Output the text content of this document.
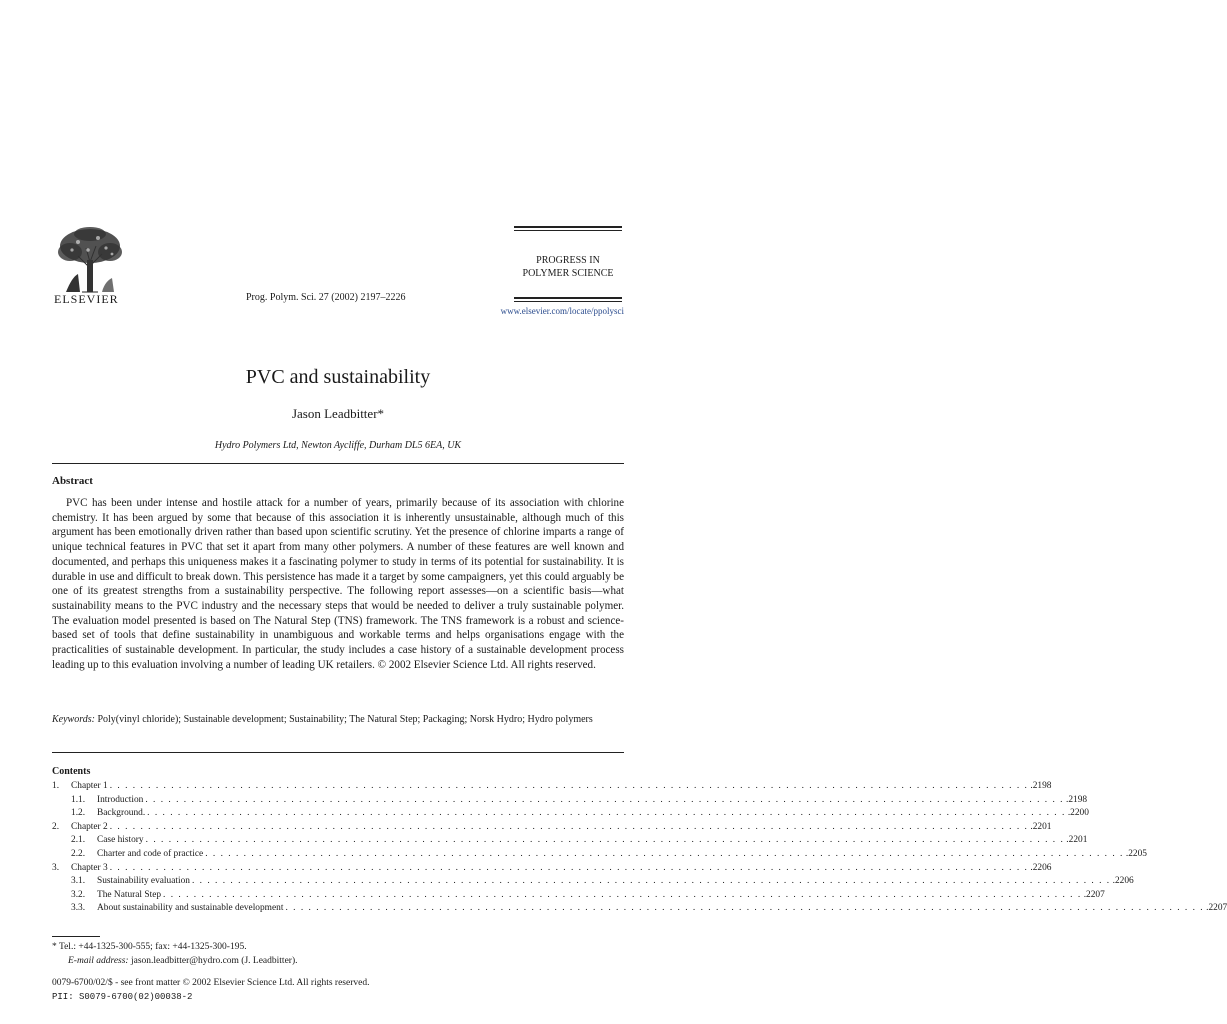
ELSEVIER	Prog. Polym. Sci. 27 (2002) 2197–2226
PROGRESS IN
POLYMER SCIENCE
www.elsevier.com/locate/ppolysci
PVC and sustainability
Jason Leadbitter*
Hydro Polymers Ltd, Newton Aycliffe, Durham DL5 6EA, UK
Abstract
PVC has been under intense and hostile attack for a number of years, primarily because of its association with chlorine chemistry. It has been argued by some that because of this association it is inherently unsustainable, although much of this argument has been emotionally driven rather than based upon scientific scrutiny. Yet the presence of chlorine imparts a range of unique technical features in PVC that set it apart from many other polymers. A number of these features are well known and documented, and perhaps this uniqueness makes it a fascinating polymer to study in terms of its potential for sustainability. It is durable in use and difficult to break down. This persistence has made it a target by some campaigners, yet this could arguably be one of its greatest strengths from a sustainability perspective. The following report assesses—on a scientific basis—what sustainability means to the PVC industry and the necessary steps that would be needed to deliver a truly sustainable polymer. The evaluation model presented is based on The Natural Step (TNS) framework. The TNS framework is a robust and science-based set of tools that define sustainability in unambiguous and workable terms and helps organisations engage with the practicalities of sustainable development. In particular, the study includes a case history of a sustainable development process leading up to this evaluation involving a number of leading UK retailers. © 2002 Elsevier Science Ltd. All rights reserved.
Keywords: Poly(vinyl chloride); Sustainable development; Sustainability; The Natural Step; Packaging; Norsk Hydro; Hydro polymers
Contents
1.	Chapter 1 . . . . . . . . . . . . . . . . . . . . . . . . . . . . . . . . . . . . . . . . . . . . . . . . . . . . . . . . . . . . . . . . . . . . . . . . . . . . . . . . . . . . . . . . . . . . . . . . . . . . . . . . . . . . . . . . . . . . . . . . .2198
1.1.	Introduction . . . . . . . . . . . . . . . . . . . . . . . . . . . . . . . . . . . . . . . . . . . . . . . . . . . . . . . . . . . . . . . . . . . . . . . . . . . . . . . . . . . . . . . . . . . . . . . . . . . . . . . . . . . . . . . . . . . . . . . . .2198
1.2.	Background. . . . . . . . . . . . . . . . . . . . . . . . . . . . . . . . . . . . . . . . . . . . . . . . . . . . . . . . . . . . . . . . . . . . . . . . . . . . . . . . . . . . . . . . . . . . . . . . . . . . . . . . . . . . . . . . . . . . . . . . . .2200
2.	Chapter 2 . . . . . . . . . . . . . . . . . . . . . . . . . . . . . . . . . . . . . . . . . . . . . . . . . . . . . . . . . . . . . . . . . . . . . . . . . . . . . . . . . . . . . . . . . . . . . . . . . . . . . . . . . . . . . . . . . . . . . . . . .2201
2.1.	Case history . . . . . . . . . . . . . . . . . . . . . . . . . . . . . . . . . . . . . . . . . . . . . . . . . . . . . . . . . . . . . . . . . . . . . . . . . . . . . . . . . . . . . . . . . . . . . . . . . . . . . . . . . . . . . . . . . . . . . . . . .2201
2.2.	Charter and code of practice . . . . . . . . . . . . . . . . . . . . . . . . . . . . . . . . . . . . . . . . . . . . . . . . . . . . . . . . . . . . . . . . . . . . . . . . . . . . . . . . . . . . . . . . . . . . . . . . . . . . . . . . . . . . . . . . . . . . . . . . .2205
3.	Chapter 3 . . . . . . . . . . . . . . . . . . . . . . . . . . . . . . . . . . . . . . . . . . . . . . . . . . . . . . . . . . . . . . . . . . . . . . . . . . . . . . . . . . . . . . . . . . . . . . . . . . . . . . . . . . . . . . . . . . . . . . . . .2206
3.1.	Sustainability evaluation . . . . . . . . . . . . . . . . . . . . . . . . . . . . . . . . . . . . . . . . . . . . . . . . . . . . . . . . . . . . . . . . . . . . . . . . . . . . . . . . . . . . . . . . . . . . . . . . . . . . . . . . . . . . . . . . . . . . . . . . .2206
3.2.	The Natural Step . . . . . . . . . . . . . . . . . . . . . . . . . . . . . . . . . . . . . . . . . . . . . . . . . . . . . . . . . . . . . . . . . . . . . . . . . . . . . . . . . . . . . . . . . . . . . . . . . . . . . . . . . . . . . . . . . . . . . . . . .2207
3.3.	About sustainability and sustainable development . . . . . . . . . . . . . . . . . . . . . . . . . . . . . . . . . . . . . . . . . . . . . . . . . . . . . . . . . . . . . . . . . . . . . . . . . . . . . . . . . . . . . . . . . . . . . . . . . . . . . . . . . . . . . . . . . . . . . . . . .2207
* Tel.: +44-1325-300-555; fax: +44-1325-300-195.
E-mail address: jason.leadbitter@hydro.com (J. Leadbitter).
0079-6700/02/$ - see front matter © 2002 Elsevier Science Ltd. All rights reserved.
PII: S0079-6700(02)00038-2
